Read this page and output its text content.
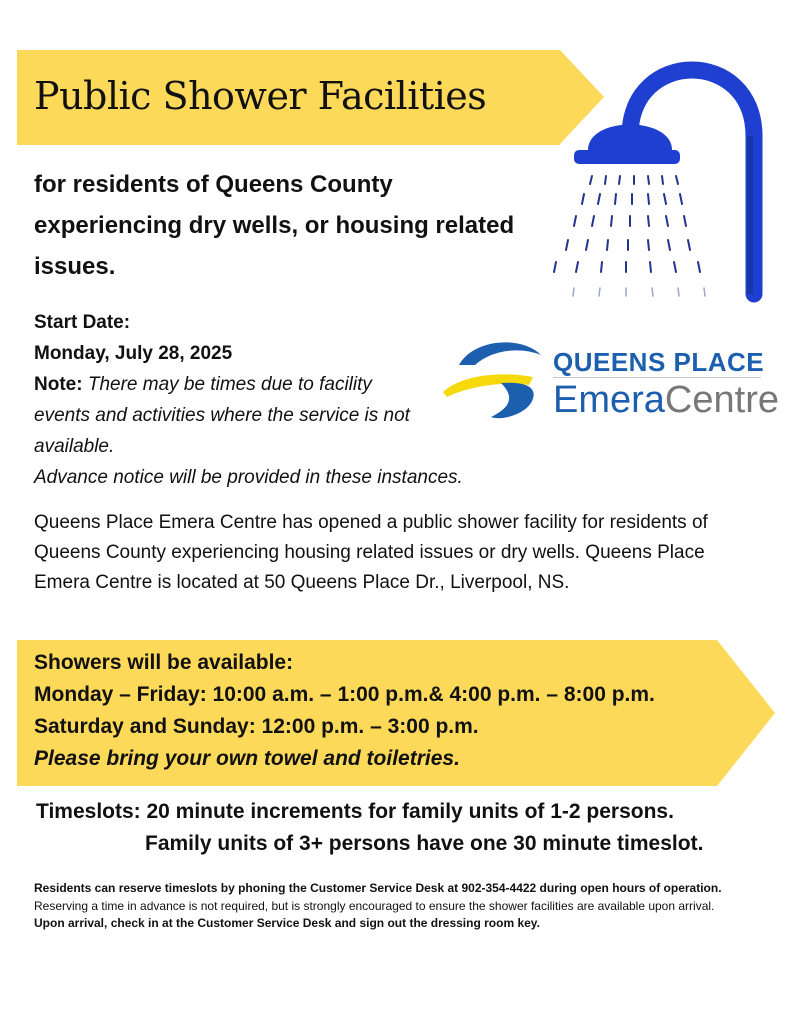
Public Shower Facilities

for residents of Queens County experiencing dry wells, or housing related issues.

Start Date:
Monday, July 28, 2025
Note: There may be times due to facility events and activities where the service is not available.
Advance notice will be provided in these instances.
QUEENS PLACE
EmeraCentre

Queens Place Emera Centre has opened a public shower facility for residents of Queens County experiencing housing related issues or dry wells. Queens Place Emera Centre is located at 50 Queens Place Dr., Liverpool, NS.

Showers will be available:
Monday – Friday: 10:00 a.m. – 1:00 p.m.& 4:00 p.m. – 8:00 p.m.
Saturday and Sunday: 12:00 p.m. – 3:00 p.m.
Please bring your own towel and toiletries.
Timeslots: 20 minute increments for family units of 1-2 persons.
Family units of 3+ persons have one 30 minute timeslot.
Residents can reserve timeslots by phoning the Customer Service Desk at 902-354-4422 during open hours of operation.   Reserving a time in advance is not required, but is strongly encouraged to ensure the shower facilities are available upon arrival.
Upon arrival, check in at the Customer Service Desk and sign out the dressing room key.
